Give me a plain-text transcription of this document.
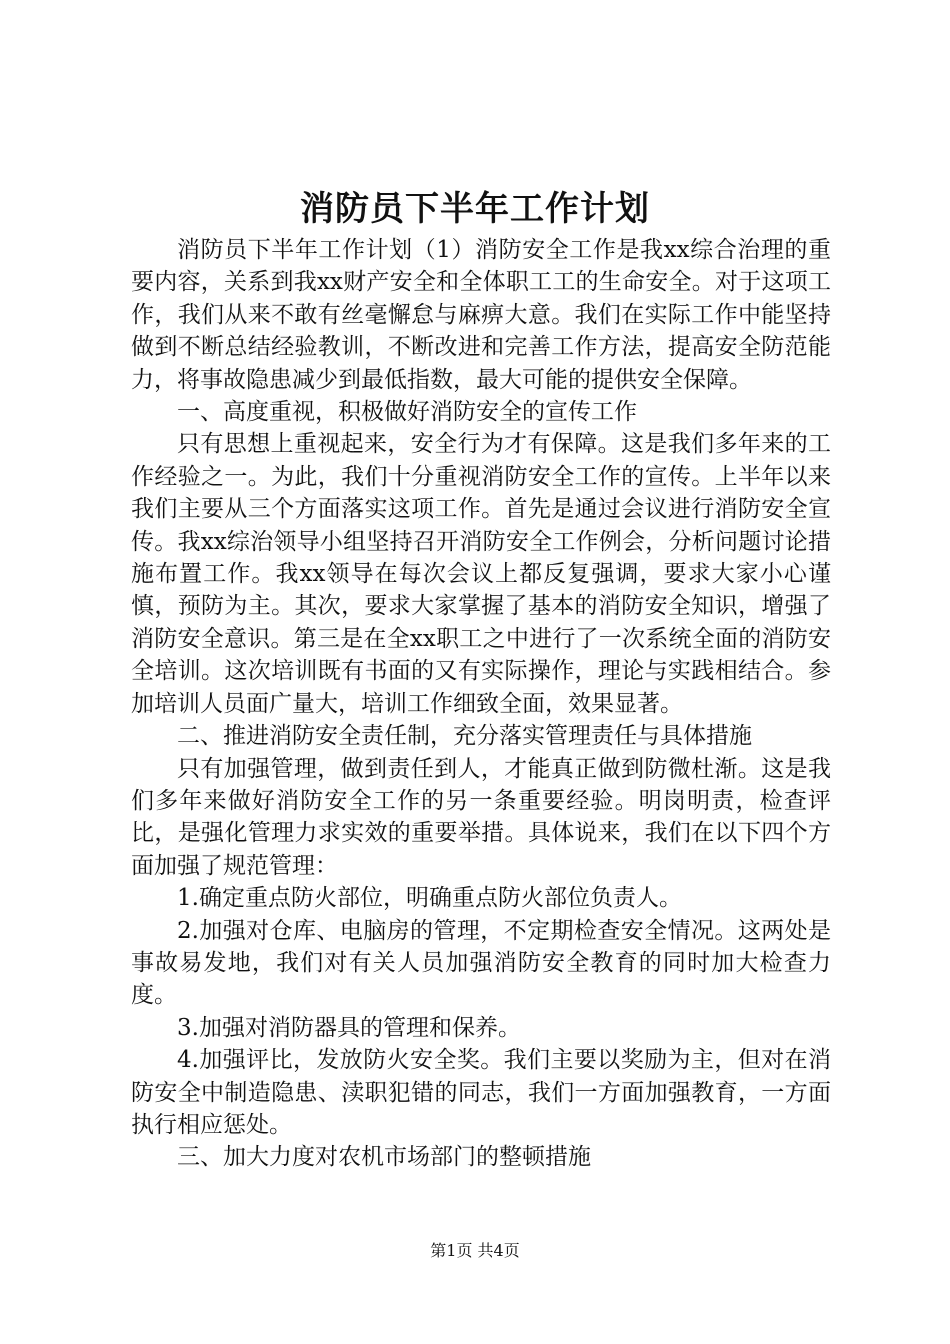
消防员下半年工作计划

消防员下半年工作计划（1）消防安全工作是我xx综合治理的重要内容，关系到我xx财产安全和全体职工工的生命安全。对于这项工作，我们从来不敢有丝毫懈怠与麻痹大意。我们在实际工作中能坚持做到不断总结经验教训，不断改进和完善工作方法，提高安全防范能力，将事故隐患减少到最低指数，最大可能的提供安全保障。

一、高度重视，积极做好消防安全的宣传工作

只有思想上重视起来，安全行为才有保障。这是我们多年来的工作经验之一。为此，我们十分重视消防安全工作的宣传。上半年以来我们主要从三个方面落实这项工作。首先是通过会议进行消防安全宣传。我xx综治领导小组坚持召开消防安全工作例会，分析问题讨论措施布置工作。我xx领导在每次会议上都反复强调，要求大家小心谨慎，预防为主。其次，要求大家掌握了基本的消防安全知识，增强了消防安全意识。第三是在全xx职工之中进行了一次系统全面的消防安全培训。这次培训既有书面的又有实际操作，理论与实践相结合。参加培训人员面广量大，培训工作细致全面，效果显著。

二、推进消防安全责任制，充分落实管理责任与具体措施

只有加强管理，做到责任到人，才能真正做到防微杜渐。这是我们多年来做好消防安全工作的另一条重要经验。明岗明责，检查评比，是强化管理力求实效的重要举措。具体说来，我们在以下四个方面加强了规范管理：

1.确定重点防火部位，明确重点防火部位负责人。

2.加强对仓库、电脑房的管理，不定期检查安全情况。这两处是事故易发地，我们对有关人员加强消防安全教育的同时加大检查力度。

3.加强对消防器具的管理和保养。

4.加强评比，发放防火安全奖。我们主要以奖励为主，但对在消防安全中制造隐患、渎职犯错的同志，我们一方面加强教育，一方面执行相应惩处。

三、加大力度对农机市场部门的整顿措施

第1页 共4页
